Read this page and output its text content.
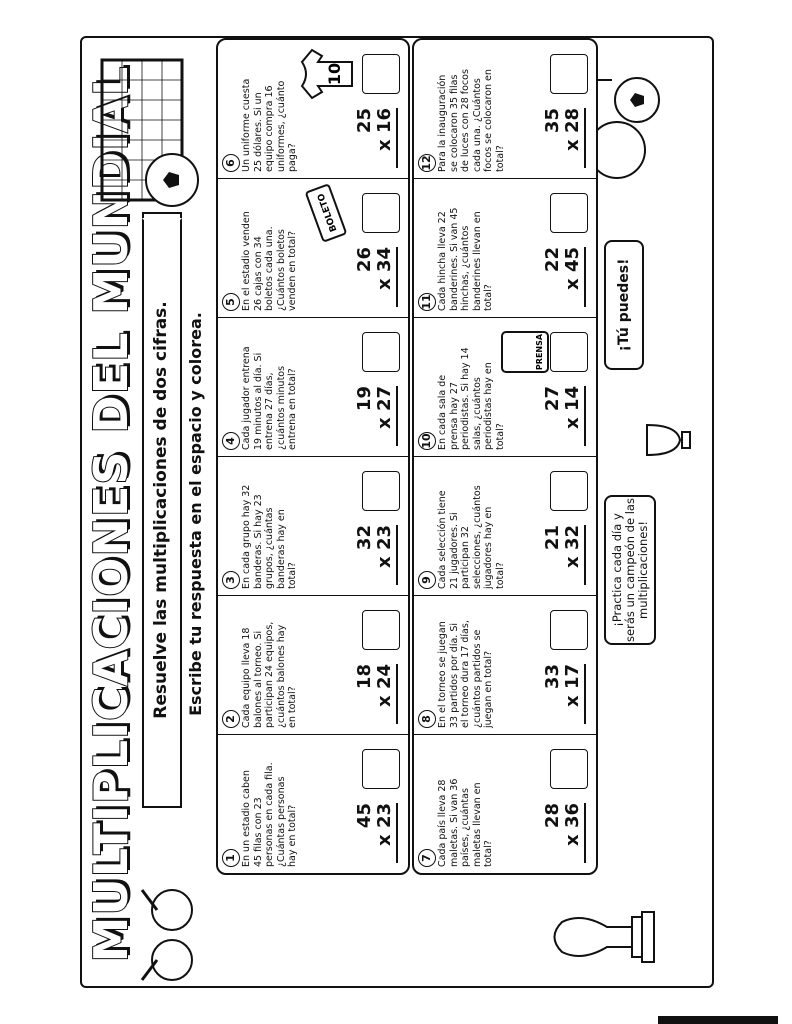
MULTIPLICACIONES DEL MUNDIAL Resuelve las multiplicaciones de dos cifras. Escribe tu respuesta en el espacio y colorea.
1 En un estadio caben 45 filas con 23 personas en cada fila. ¿Cuántas personas hay en total?	45 x 23
2 Cada equipo lleva 18 balones al torneo. Si participan 24 equipos, ¿cuántos balones hay en total?
18 x 24
3 En cada grupo hay 32 banderas. Si hay 23 grupos, ¿cuántas banderas hay en total?
32 x 23
4 Cada jugador entrena 19 minutos al día. Si entrena 27 días, ¿cuántos minutos entrena en total?	19 x 27
5 En el estadio venden 26 cajas con 34 boletos cada una. ¿Cuántos boletos venden en total?	26 x 34
BOLETO
6 Un uniforme cuesta 25 dólares. Si un equipo compra 16 uniformes, ¿cuánto paga?
25 x 16
10
7 Cada país lleva 28 maletas. Si van 36 países, ¿cuántas maletas llevan en total?
28 x 36
8 En el torneo se juegan 33 partidos por día. Si el torneo dura 17 días, ¿cuántos partidos se juegan en total?	33 x 17
9 Cada selección tiene 21 jugadores. Si participan 32 selecciones, ¿cuántos jugadores hay en total?
21 x 32
10 En cada sala de prensa hay 27 periodistas. Si hay 14 salas, ¿cuántos periodistas hay en total?
27 x 14
PRENSA
11 Cada hincha lleva 22 banderines. Si van 45 hinchas, ¿cuántos banderines llevan en total?
22 x 45
12 Para la inauguración se colocaron 35 filas de luces con 28 focos cada una. ¿Cuántos focos se colocaron en total?
35 x 28
¡Practica cada día y serás un campeón de las multiplicaciones!
¡Tú puedes!
